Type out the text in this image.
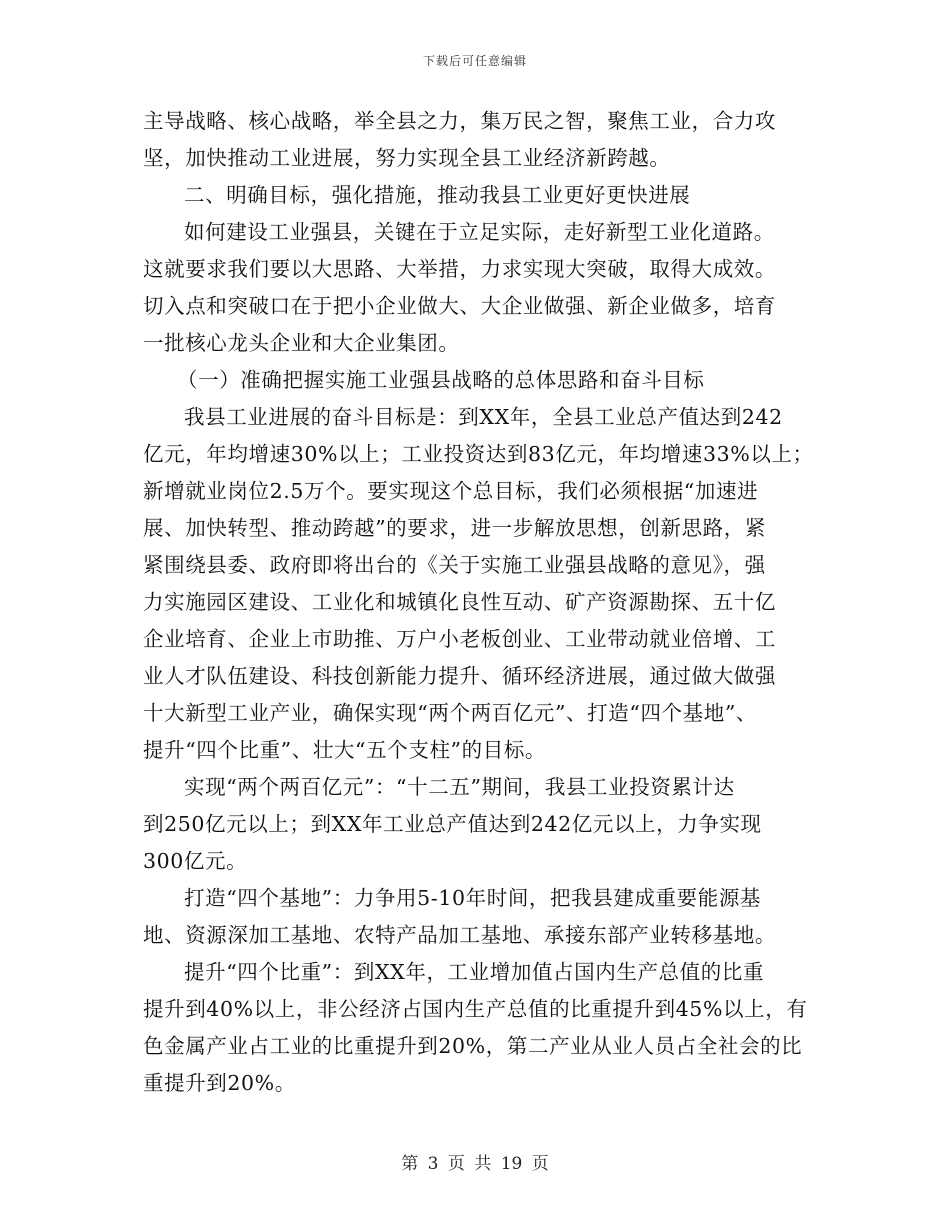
下载后可任意编辑
主导战略、核心战略，举全县之力，集万民之智，聚焦工业，合力攻
坚，加快推动工业进展，努力实现全县工业经济新跨越。
二、明确目标，强化措施，推动我县工业更好更快进展
如何建设工业强县，关键在于立足实际，走好新型工业化道路。
这就要求我们要以大思路、大举措，力求实现大突破，取得大成效。
切入点和突破口在于把小企业做大、大企业做强、新企业做多，培育
一批核心龙头企业和大企业集团。
（一）准确把握实施工业强县战略的总体思路和奋斗目标
我县工业进展的奋斗目标是：到XX年，全县工业总产值达到242
亿元，年均增速30%以上；工业投资达到83亿元，年均增速33%以上；
新增就业岗位2.5万个。要实现这个总目标，我们必须根据“加速进
展、加快转型、推动跨越”的要求，进一步解放思想，创新思路，紧
紧围绕县委、政府即将出台的《关于实施工业强县战略的意见》，强
力实施园区建设、工业化和城镇化良性互动、矿产资源勘探、五十亿
企业培育、企业上市助推、万户小老板创业、工业带动就业倍增、工
业人才队伍建设、科技创新能力提升、循环经济进展，通过做大做强
十大新型工业产业，确保实现“两个两百亿元”、打造“四个基地”、
提升“四个比重”、壮大“五个支柱”的目标。
实现“两个两百亿元”：“十二五”期间，我县工业投资累计达
到250亿元以上；到XX年工业总产值达到242亿元以上，力争实现
300亿元。
打造“四个基地”：力争用5-10年时间，把我县建成重要能源基
地、资源深加工基地、农特产品加工基地、承接东部产业转移基地。
提升“四个比重”：到XX年，工业增加值占国内生产总值的比重
提升到40%以上，非公经济占国内生产总值的比重提升到45%以上，有
色金属产业占工业的比重提升到20%，第二产业从业人员占全社会的比
重提升到20%。
第 3 页 共 19 页
